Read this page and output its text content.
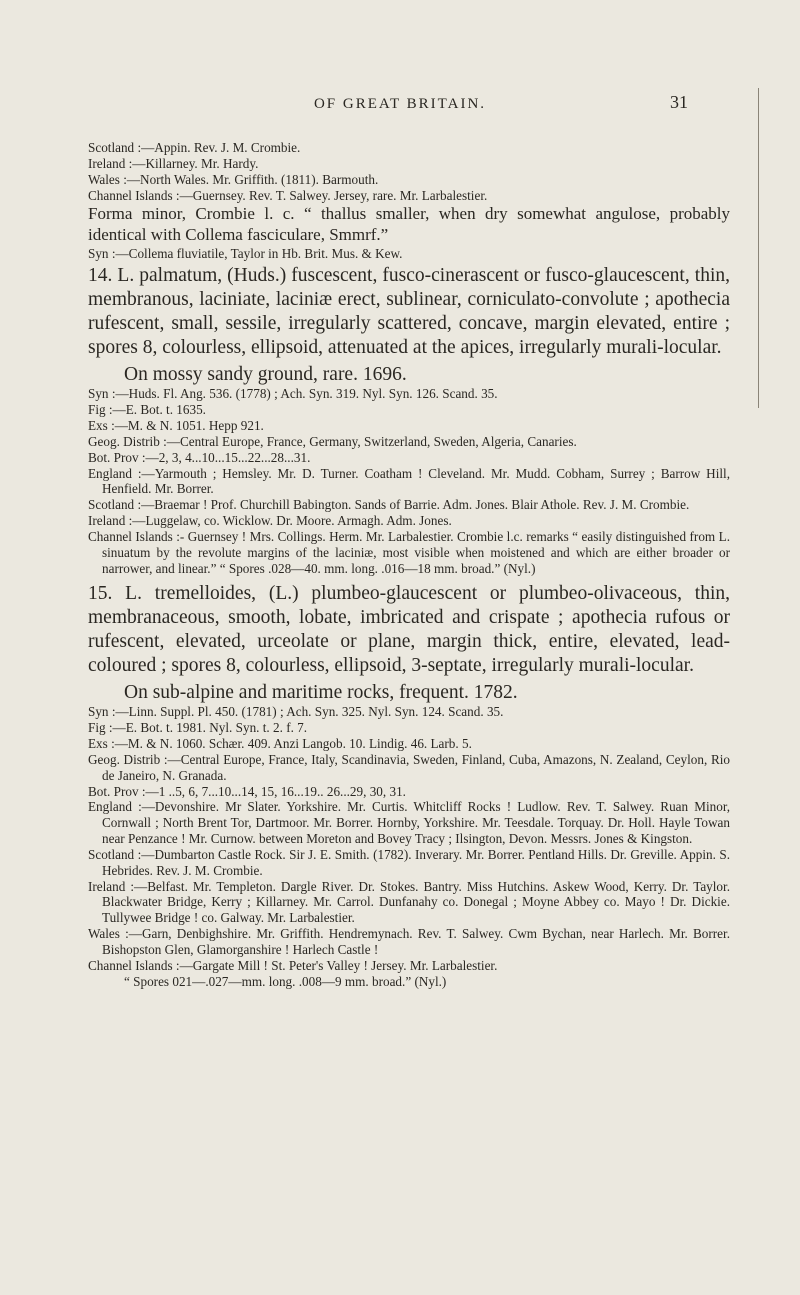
OF GREAT BRITAIN.	31

Scotland :—Appin. Rev. J. M. Crombie.

Ireland :—Killarney. Mr. Hardy.

Wales :—North Wales. Mr. Griffith. (1811). Barmouth.

Channel Islands :—Guernsey. Rev. T. Salwey. Jersey, rare. Mr. Larbalestier.

Forma minor, Crombie l. c. “ thallus smaller, when dry somewhat angulose, probably identical with Collema fasciculare, Smmrf.”

Syn :—Collema fluviatile, Taylor in Hb. Brit. Mus. & Kew.

14. L. palmatum, (Huds.) fuscescent, fusco-cinerascent or fusco-glaucescent, thin, membranous, laciniate, laciniæ erect, sublinear, corniculato-convolute ; apothecia rufescent, small, sessile, irregularly scattered, concave, margin elevated, entire ; spores 8, colourless, ellipsoid, attenuated at the apices, irregularly murali-locular.

On mossy sandy ground, rare. 1696.

Syn :—Huds. Fl. Ang. 536. (1778) ; Ach. Syn. 319. Nyl. Syn. 126. Scand. 35.

Fig :—E. Bot. t. 1635.

Exs :—M. & N. 1051. Hepp 921.

Geog. Distrib :—Central Europe, France, Germany, Switzerland, Sweden, Algeria, Canaries.

Bot. Prov :—2, 3, 4...10...15...22...28...31.

England :—Yarmouth ; Hemsley. Mr. D. Turner. Coatham ! Cleveland. Mr. Mudd. Cobham, Surrey ; Barrow Hill, Henfield. Mr. Borrer.

Scotland :—Braemar ! Prof. Churchill Babington. Sands of Barrie. Adm. Jones. Blair Athole. Rev. J. M. Crombie.

Ireland :—Luggelaw, co. Wicklow. Dr. Moore. Armagh. Adm. Jones.

Channel Islands :- Guernsey ! Mrs. Collings. Herm. Mr. Larbalestier. Crombie l.c. remarks “ easily distinguished from L. sinuatum by the revolute margins of the laciniæ, most visible when moistened and which are either broader or narrower, and linear.” “ Spores .028—40. mm. long. .016—18 mm. broad.” (Nyl.)

15. L. tremelloides, (L.) plumbeo-glaucescent or plumbeo-olivaceous, thin, membranaceous, smooth, lobate, imbricated and crispate ; apothecia rufous or rufescent, elevated, urceolate or plane, margin thick, entire, elevated, lead-coloured ; spores 8, colourless, ellipsoid, 3-septate, irregularly murali-locular.

On sub-alpine and maritime rocks, frequent. 1782.

Syn :—Linn. Suppl. Pl. 450. (1781) ; Ach. Syn. 325. Nyl. Syn. 124. Scand. 35.

Fig :—E. Bot. t. 1981. Nyl. Syn. t. 2. f. 7.

Exs :—M. & N. 1060. Schær. 409. Anzi Langob. 10. Lindig. 46. Larb. 5.

Geog. Distrib :—Central Europe, France, Italy, Scandinavia, Sweden, Finland, Cuba, Amazons, N. Zealand, Ceylon, Rio de Janeiro, N. Granada.

Bot. Prov :—1 ..5, 6, 7...10...14, 15, 16...19.. 26...29, 30, 31.

England :—Devonshire. Mr Slater. Yorkshire. Mr. Curtis. Whitcliff Rocks ! Ludlow. Rev. T. Salwey. Ruan Minor, Cornwall ; North Brent Tor, Dartmoor. Mr. Borrer. Hornby, Yorkshire. Mr. Teesdale. Torquay. Dr. Holl. Hayle Towan near Penzance ! Mr. Curnow. between Moreton and Bovey Tracy ; Ilsington, Devon. Messrs. Jones & Kingston.

Scotland :—Dumbarton Castle Rock. Sir J. E. Smith. (1782). Inverary. Mr. Borrer. Pentland Hills. Dr. Greville. Appin. S. Hebrides. Rev. J. M. Crombie.

Ireland :—Belfast. Mr. Templeton. Dargle River. Dr. Stokes. Bantry. Miss Hutchins. Askew Wood, Kerry. Dr. Taylor. Blackwater Bridge, Kerry ; Killarney. Mr. Carrol. Dunfanahy co. Donegal ; Moyne Abbey co. Mayo ! Dr. Dickie. Tullywee Bridge ! co. Galway. Mr. Larbalestier.

Wales :—Garn, Denbighshire. Mr. Griffith. Hendremynach. Rev. T. Salwey. Cwm Bychan, near Harlech. Mr. Borrer. Bishopston Glen, Glamorganshire ! Harlech Castle !

Channel Islands :—Gargate Mill ! St. Peter's Valley ! Jersey. Mr. Larbalestier.

“ Spores 021—.027—mm. long. .008—9 mm. broad.” (Nyl.)
